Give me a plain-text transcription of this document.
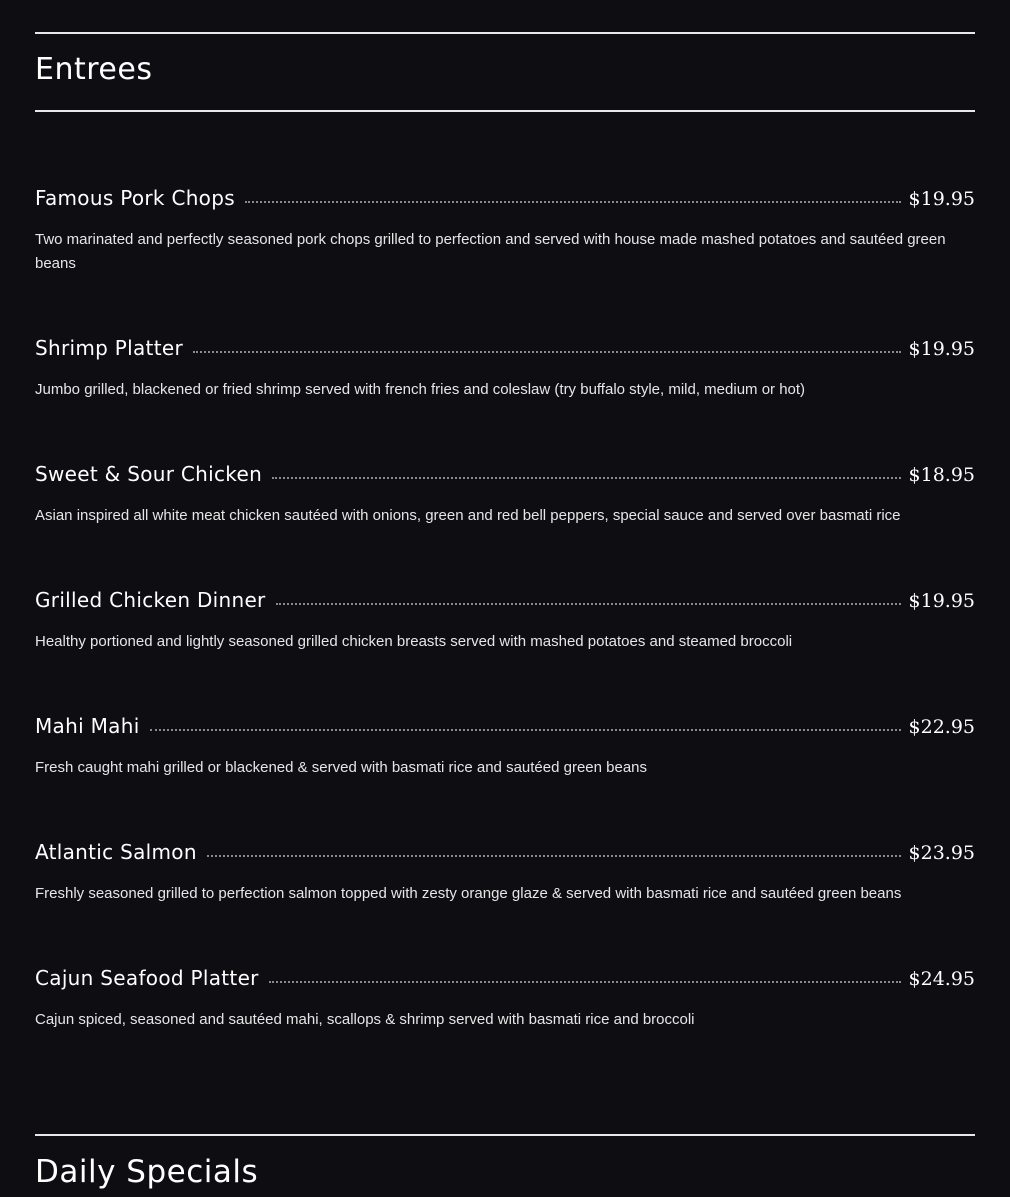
Entrees
Famous Pork Chops	$19.95
Two marinated and perfectly seasoned pork chops grilled to perfection and served with house made mashed potatoes and sautéed green beans
Shrimp Platter	$19.95
Jumbo grilled, blackened or fried shrimp served with french fries and coleslaw (try buffalo style, mild, medium or hot)
Sweet & Sour Chicken	$18.95
Asian inspired all white meat chicken sautéed with onions, green and red bell peppers, special sauce and served over basmati rice
Grilled Chicken Dinner	$19.95
Healthy portioned and lightly seasoned grilled chicken breasts served with mashed potatoes and steamed broccoli
Mahi Mahi	$22.95
Fresh caught mahi grilled or blackened & served with basmati rice and sautéed green beans
Atlantic Salmon	$23.95
Freshly seasoned grilled to perfection salmon topped with zesty orange glaze & served with basmati rice and sautéed green beans
Cajun Seafood Platter	$24.95
Cajun spiced, seasoned and sautéed mahi, scallops & shrimp served with basmati rice and broccoli
Daily Specials
